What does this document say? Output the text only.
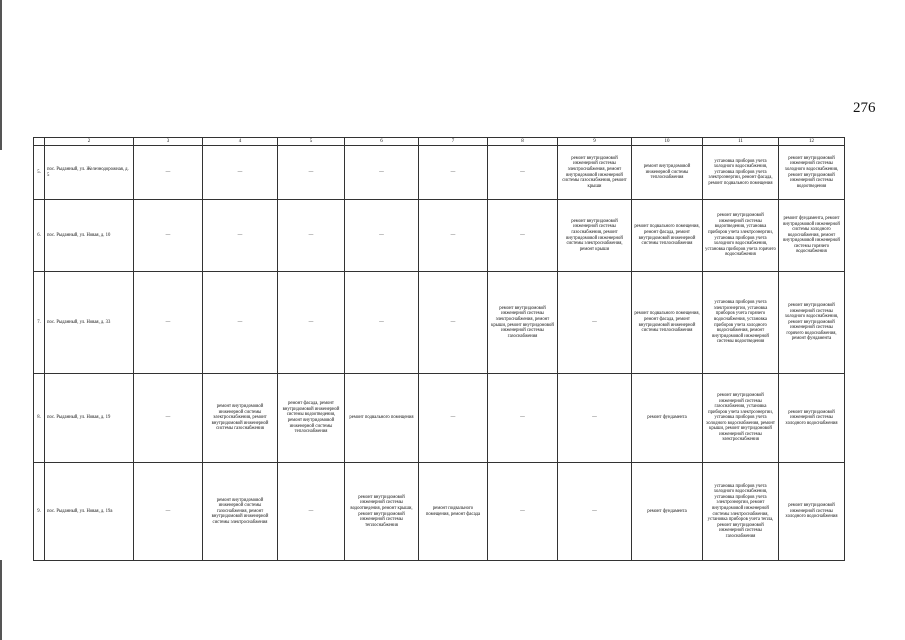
276
	2	3	4	5	6	7	8	9	10	11	12
5.	пос. Рыданный, ул. Железнодорожная, д. 5	—	—	—	—	—	—	ремонт внутридомовой инженерной системы электроснабжения, ремонт внутридомовой инженерной системы газоснабжения, ремонт крыши	ремонт внутридомовой инженерной системы теплоснабжения	установка приборов учета холодного водоснабжения, установка приборов учета электроэнергии, ремонт фасада, ремонт подвального помещения	ремонт внутридомовой инженерной системы холодного водоснабжения, ремонт внутридомовой инженерной системы водоотведения
6.	пос. Рыданный, ул. Новая, д. 10	—	—	—	—	—	—	ремонт внутридомовой инженерной системы газоснабжения, ремонт внутридомовой инженерной системы электроснабжения, ремонт крыши	ремонт подвального помещения, ремонт фасада, ремонт внутридомовой инженерной системы теплоснабжения	ремонт внутридомовой инженерной системы водоотведения, установка приборов учета электроэнергии, установка приборов учета холодного водоснабжения, установка приборов учета горячего водоснабжения	ремонт фундамента, ремонт внутридомовой инженерной системы холодного водоснабжения, ремонт внутридомовой инженерной системы горячего водоснабжения
7.	пос. Рыданный, ул. Новая, д. 33	—	—	—	—	—	ремонт внутридомовой инженерной системы электроснабжения, ремонт крыши, ремонт внутридомовой инженерной системы газоснабжения	—	ремонт подвального помещения, ремонт фасада, ремонт внутридомовой инженерной системы теплоснабжения	установка приборов учета электроэнергии, установка приборов учета горячего водоснабжения, установка приборов учета холодного водоснабжения, ремонт внутридомовой инженерной системы водоотведения	ремонт внутридомовой инженерной системы холодного водоснабжения, ремонт внутридомовой инженерной системы горячего водоснабжения, ремонт фундамента
8.	пос. Рыданный, ул. Новая, д. 19	—	ремонт внутридомовой инженерной системы электроснабжения, ремонт внутридомовой инженерной системы газоснабжения	ремонт фасада, ремонт внутридомовой инженерной системы водоотведения, ремонт внутридомовой инженерной системы теплоснабжения	ремонт подвального помещения	—	—	—	ремонт фундамента	ремонт внутридомовой инженерной системы газоснабжения, установка приборов учета электроэнергии, установка приборов учета холодного водоснабжения, ремонт крыши, ремонт внутридомовой инженерной системы электроснабжения	ремонт внутридомовой инженерной системы холодного водоснабжения
9.	пос. Рыданный, ул. Новая, д. 19а	—	ремонт внутридомовой инженерной системы газоснабжения, ремонт внутридомовой инженерной системы электроснабжения	—	ремонт внутридомовой инженерной системы водоотведения, ремонт крыши, ремонт внутридомовой инженерной системы теплоснабжения	ремонт подвального помещения, ремонт фасада	—	—	ремонт фундамента	установка приборов учета холодного водоснабжения, установка приборов учета электроэнергии, ремонт внутридомовой инженерной системы электроснабжения, установка приборов учета тепла, ремонт внутридомовой инженерной системы газоснабжения	ремонт внутридомовой инженерной системы холодного водоснабжения
